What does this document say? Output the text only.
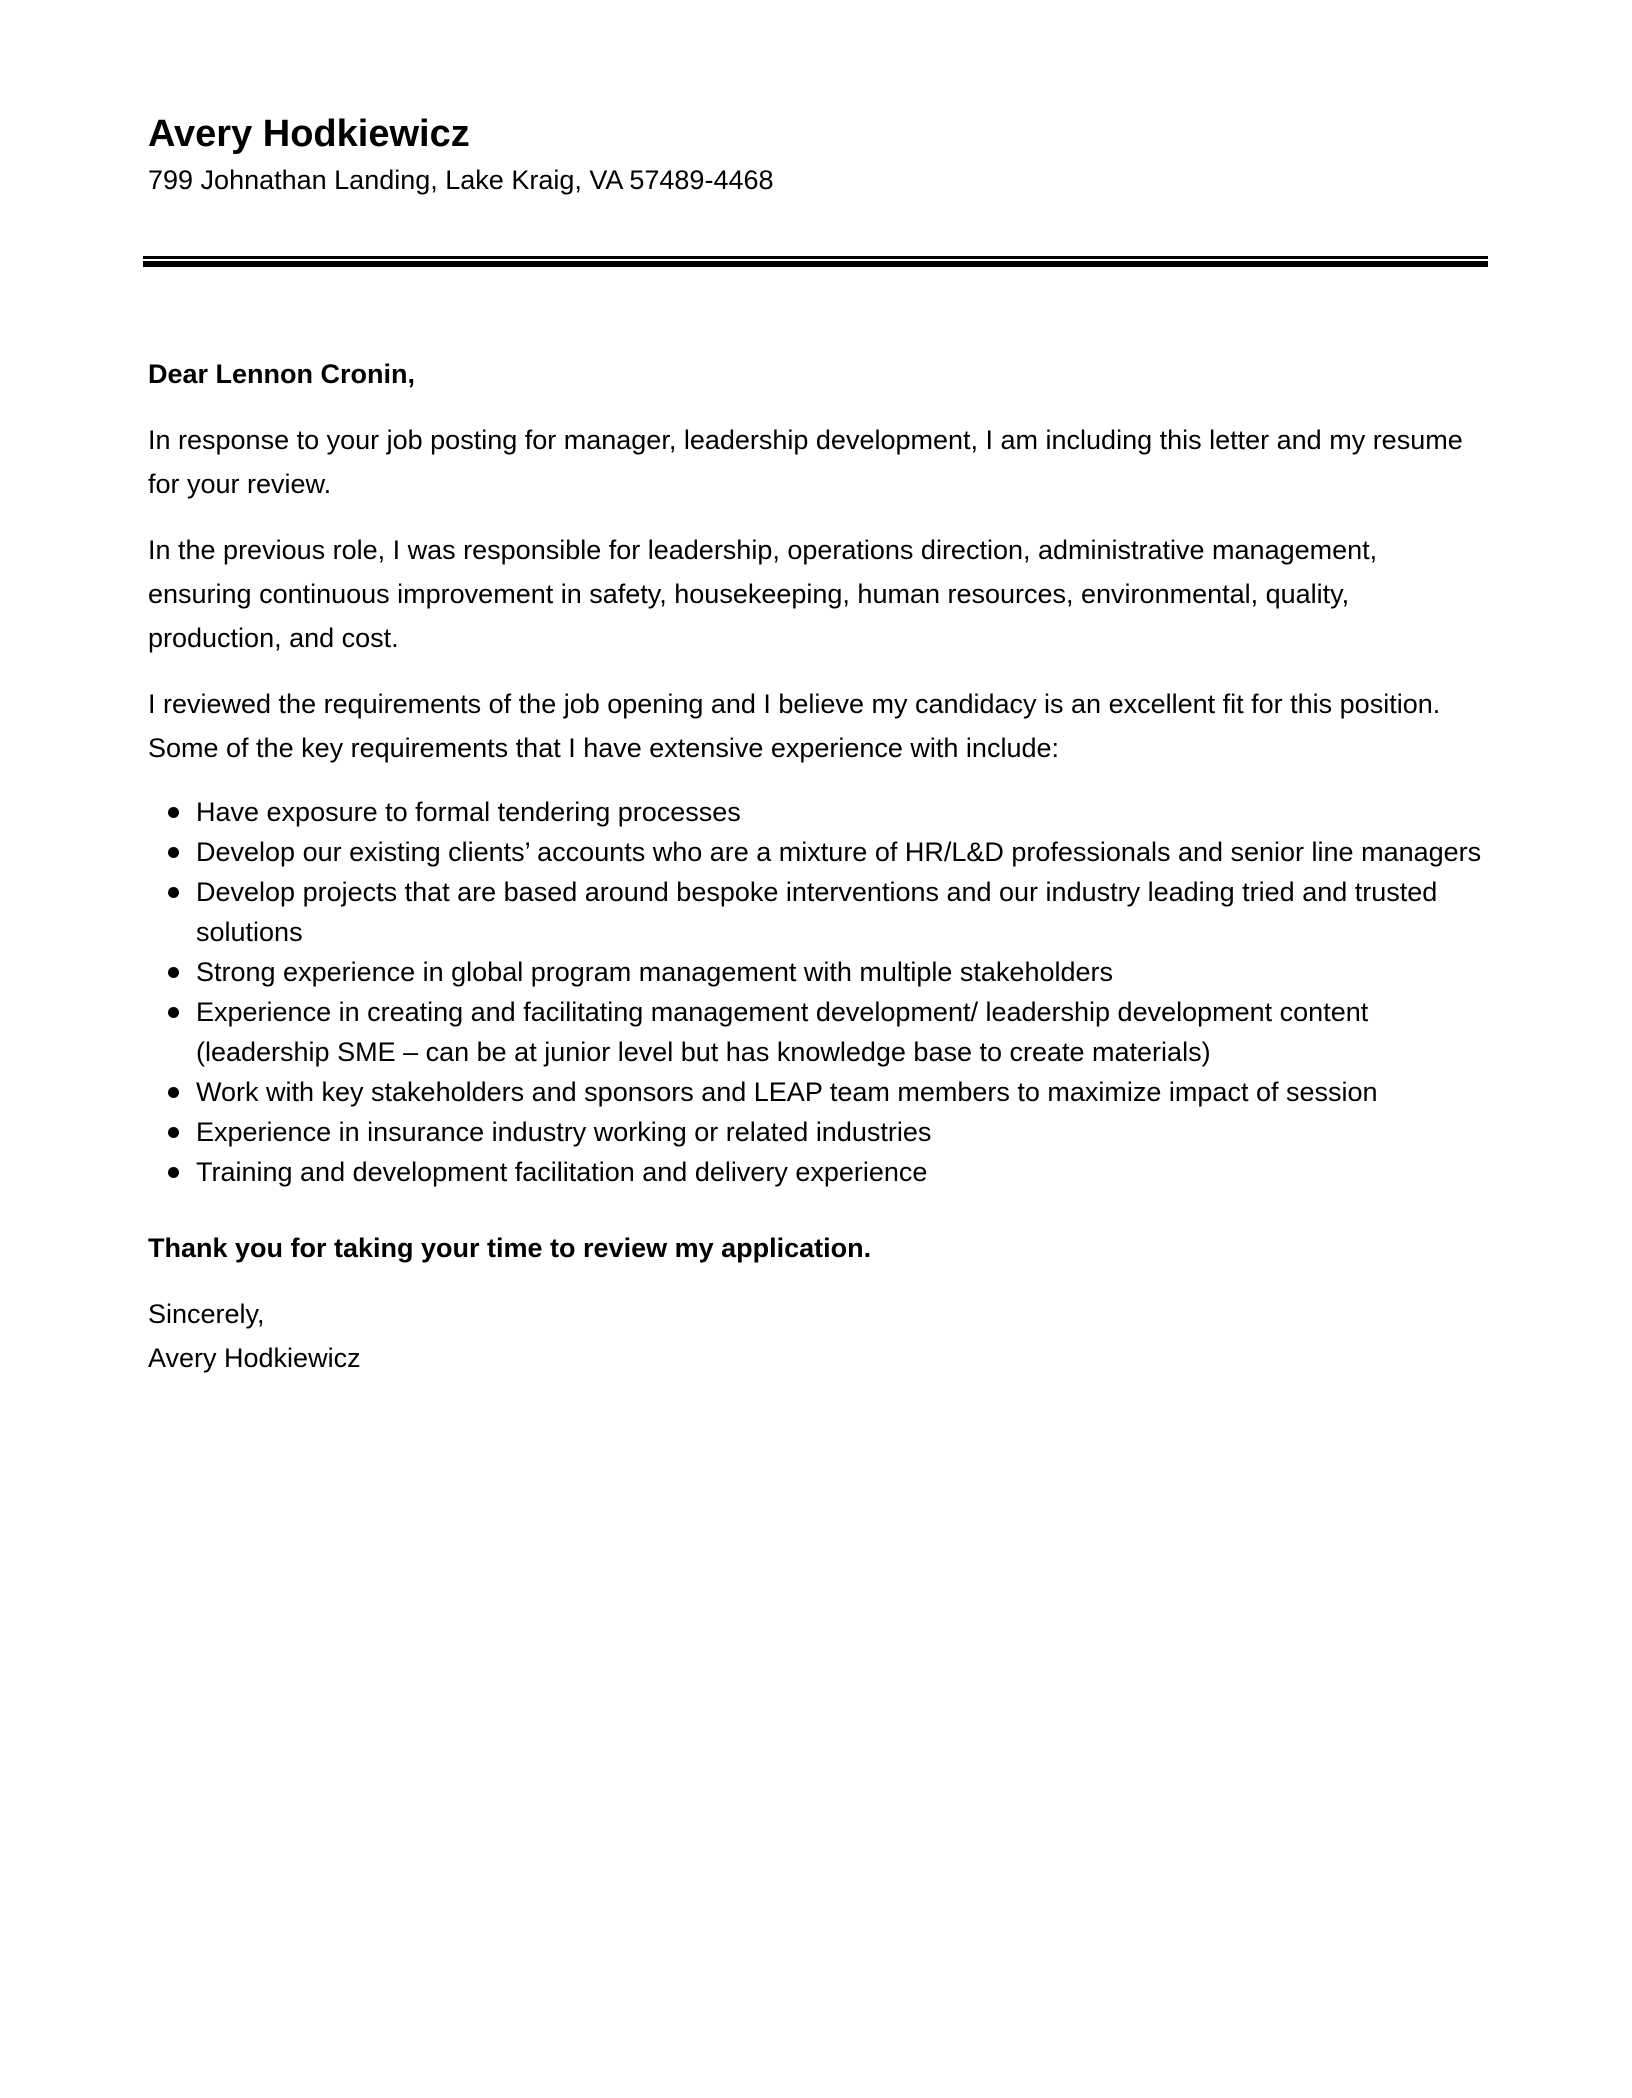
Avery Hodkiewicz

799 Johnathan Landing, Lake Kraig, VA 57489-4468

Dear Lennon Cronin,

In response to your job posting for manager, leadership development, I am including this letter and my resume for your review.

In the previous role, I was responsible for leadership, operations direction, administrative management, ensuring continuous improvement in safety, housekeeping, human resources, environmental, quality, production, and cost.

I reviewed the requirements of the job opening and I believe my candidacy is an excellent fit for this position. Some of the key requirements that I have extensive experience with include:

Have exposure to formal tendering processes
Develop our existing clients’ accounts who are a mixture of HR/L&D professionals and senior line managers
Develop projects that are based around bespoke interventions and our industry leading tried and trusted solutions
Strong experience in global program management with multiple stakeholders
Experience in creating and facilitating management development/ leadership development content (leadership SME – can be at junior level but has knowledge base to create materials)
Work with key stakeholders and sponsors and LEAP team members to maximize impact of session
Experience in insurance industry working or related industries
Training and development facilitation and delivery experience

Thank you for taking your time to review my application.

Sincerely,

Avery Hodkiewicz
